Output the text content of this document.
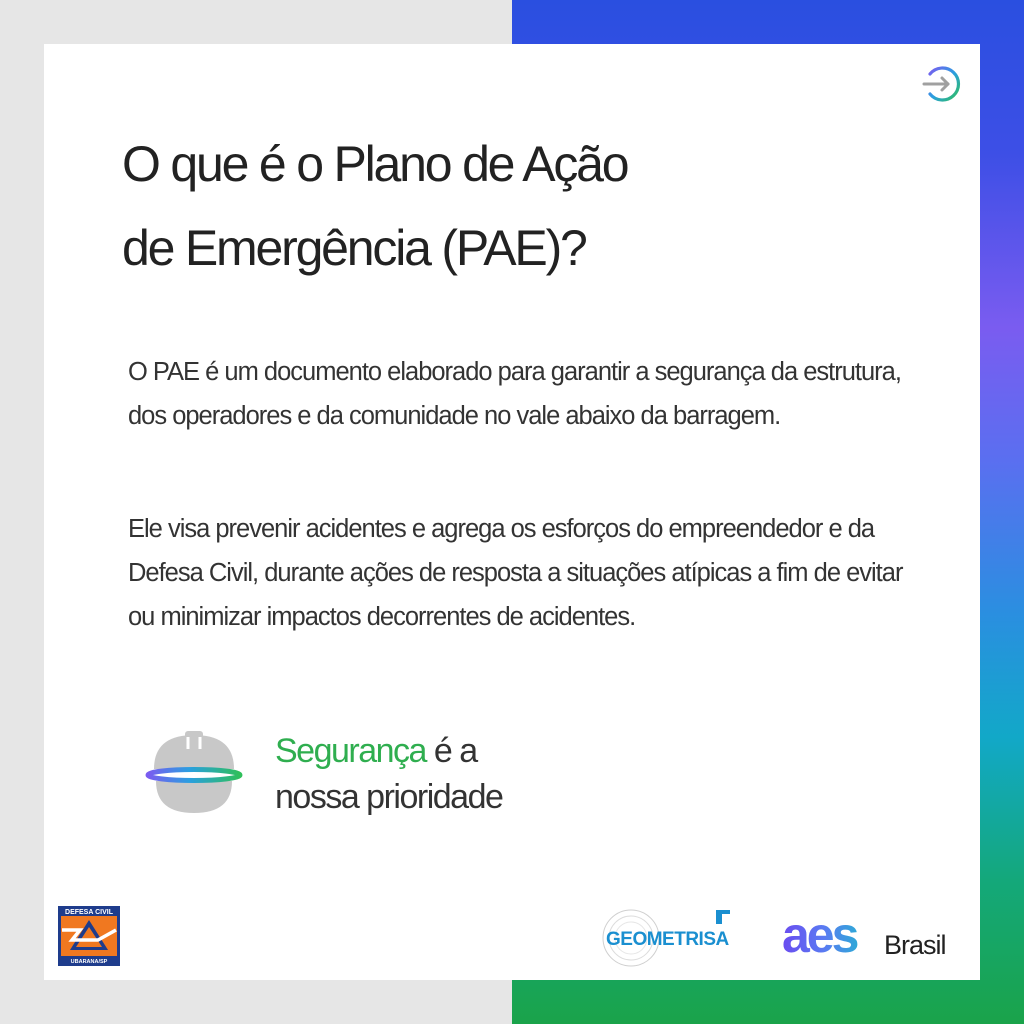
O que é o Plano de Ação
de Emergência (PAE)?

O PAE é um documento elaborado para garantir a segurança da estrutura, dos operadores e da comunidade no vale abaixo da barragem.

Ele visa prevenir acidentes e agrega os esforços do empreendedor e da Defesa Civil, durante ações de resposta a situações atípicas a fim de evitar ou minimizar impactos decorrentes de acidentes.

Segurança é a
nossa prioridade
DEFESA CIVIL
UBARANA/SP
GEOMETRISA aes Brasil
